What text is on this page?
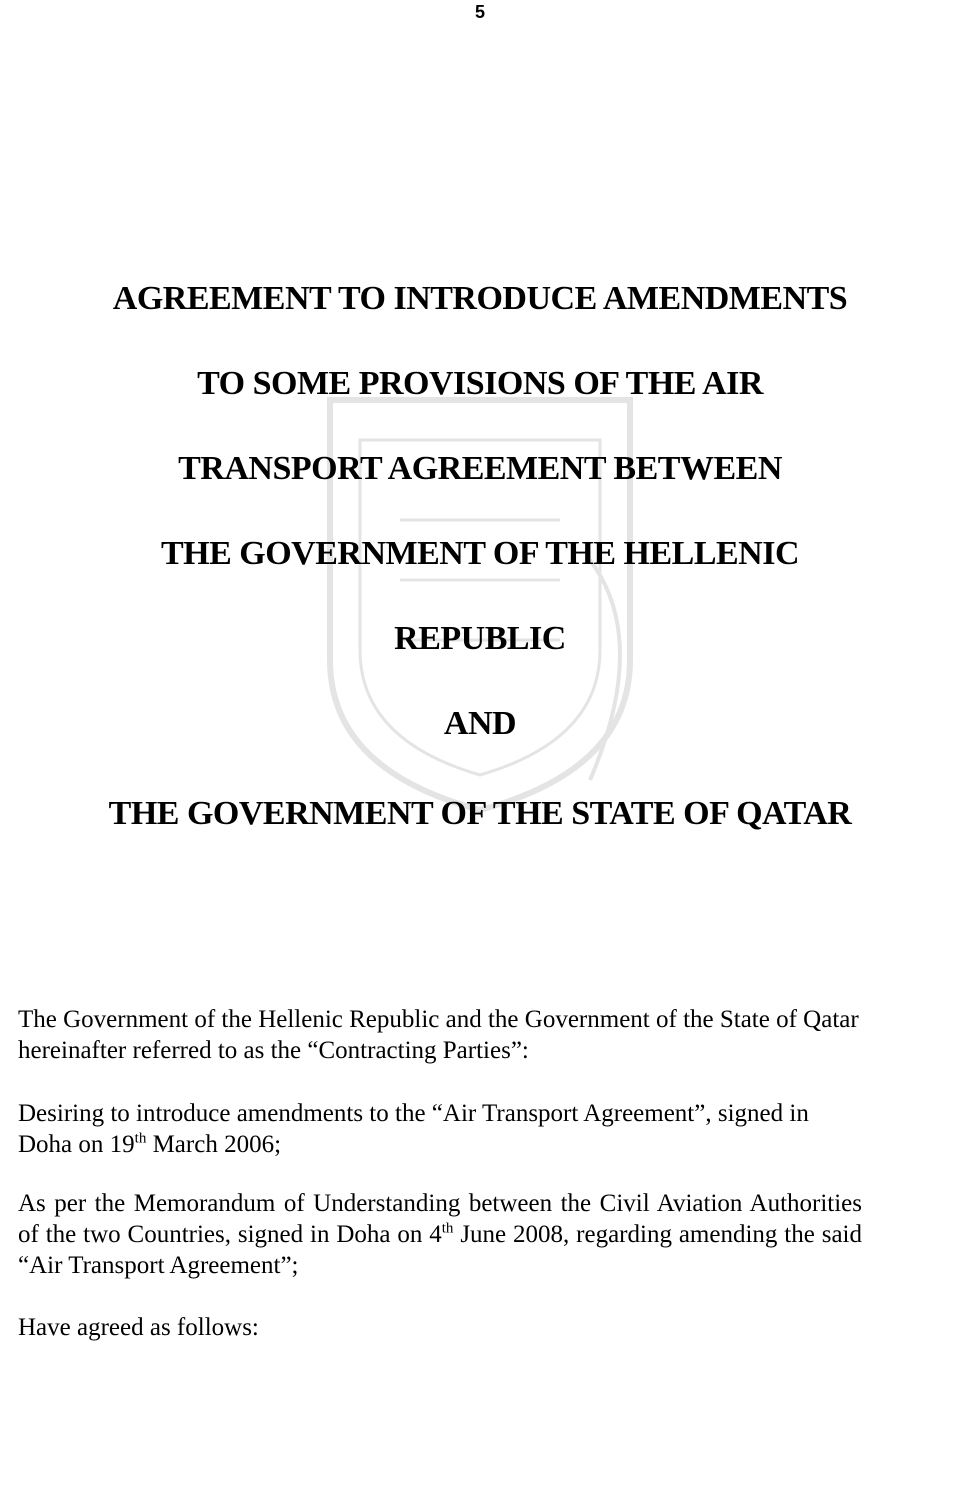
5
AGREEMENT TO INTRODUCE AMENDMENTS
TO SOME PROVISIONS OF THE AIR
TRANSPORT AGREEMENT BETWEEN
THE GOVERNMENT OF THE HELLENIC
REPUBLIC
AND
THE GOVERNMENT OF THE STATE OF QATAR

The Government of the Hellenic Republic and the Government of the State of Qatar hereinafter referred to as the “Contracting Parties”:

Desiring to introduce amendments to the “Air Transport Agreement”, signed in Doha on 19th March 2006;

As per the Memorandum of Understanding between the Civil Aviation Authorities of the two Countries, signed in Doha on 4th June 2008, regarding amending the said “Air Transport Agreement”;

Have agreed as follows:
